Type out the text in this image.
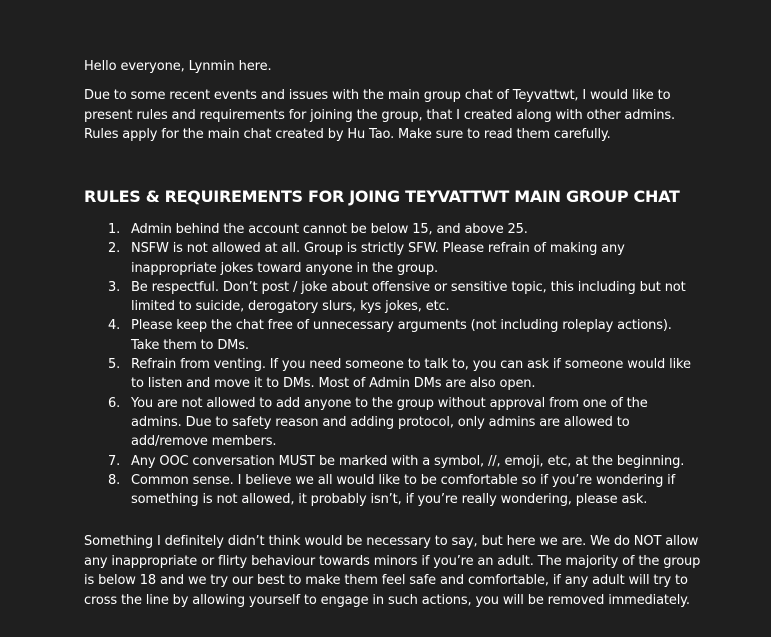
Hello everyone, Lynmin here.

Due to some recent events and issues with the main group chat of Teyvattwt, I would like to present rules and requirements for joining the group, that I created along with other admins. Rules apply for the main chat created by Hu Tao. Make sure to read them carefully.

RULES & REQUIREMENTS FOR JOING TEYVATTWT MAIN GROUP CHAT
1. Admin behind the account cannot be below 15, and above 25.
2. NSFW is not allowed at all. Group is strictly SFW. Please refrain of making any inappropriate jokes toward anyone in the group.
3. Be respectful. Don’t post / joke about offensive or sensitive topic, this including but not limited to suicide, derogatory slurs, kys jokes, etc.
4. Please keep the chat free of unnecessary arguments (not including roleplay actions). Take them to DMs.
5. Refrain from venting. If you need someone to talk to, you can ask if someone would like to listen and move it to DMs. Most of Admin DMs are also open.
6. You are not allowed to add anyone to the group without approval from one of the admins. Due to safety reason and adding protocol, only admins are allowed to add/remove members.
7. Any OOC conversation MUST be marked with a symbol, //, emoji, etc, at the beginning.
8. Common sense. I believe we all would like to be comfortable so if you’re wondering if something is not allowed, it probably isn’t, if you’re really wondering, please ask.

Something I definitely didn’t think would be necessary to say, but here we are. We do NOT allow any inappropriate or flirty behaviour towards minors if you’re an adult. The majority of the group is below 18 and we try our best to make them feel safe and comfortable, if any adult will try to cross the line by allowing yourself to engage in such actions, you will be removed immediately.
